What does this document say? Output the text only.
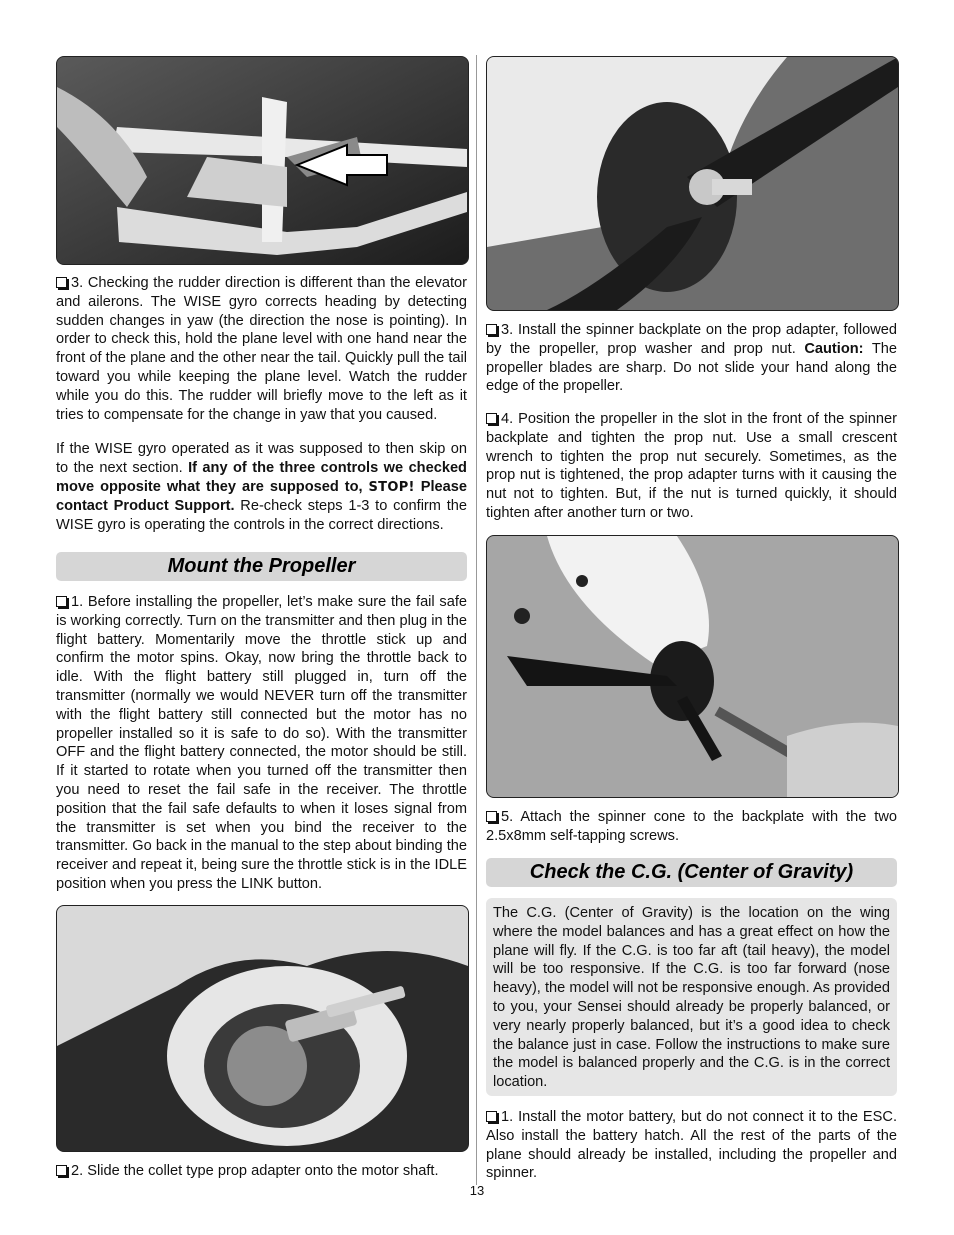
3. Checking the rudder direction is different than the elevator and ailerons. The WISE gyro corrects heading by detecting sudden changes in yaw (the direction the nose is pointing). In order to check this, hold the plane level with one hand near the front of the plane and the other near the tail. Quickly pull the tail toward you while keeping the plane level. Watch the rudder while you do this. The rudder will briefly move to the left as it tries to compensate for the change in yaw that you caused.

If the WISE gyro operated as it was supposed to then skip on to the next section. If any of the three controls we checked move opposite what they are supposed to, STOP! Please contact Product Support. Re-check steps 1-3 to confirm the WISE gyro is operating the controls in the correct directions.

Mount the Propeller

1. Before installing the propeller, let’s make sure the fail safe is working correctly. Turn on the transmitter and then plug in the flight battery. Momentarily move the throttle stick up and confirm the motor spins. Okay, now bring the throttle back to idle. With the flight battery still plugged in, turn off the transmitter (normally we would NEVER turn off the transmitter with the flight battery still connected but the motor has no propeller installed so it is safe to do so). With the transmitter OFF and the flight battery connected, the motor should be still. If it started to rotate when you turned off the transmitter then you need to reset the fail safe in the receiver. The throttle position that the fail safe defaults to when it loses signal from the transmitter is set when you bind the receiver to the transmitter. Go back in the manual to the step about binding the receiver and repeat it, being sure the throttle stick is in the IDLE position when you press the LINK button.

2. Slide the collet type prop adapter onto the motor shaft.

3. Install the spinner backplate on the prop adapter, followed by the propeller, prop washer and prop nut. Caution: The propeller blades are sharp. Do not slide your hand along the edge of the propeller.

4. Position the propeller in the slot in the front of the spinner backplate and tighten the prop nut. Use a small crescent wrench to tighten the prop nut securely. Sometimes, as the prop nut is tightened, the prop adapter turns with it causing the nut not to tighten. But, if the nut is turned quickly, it should tighten after another turn or two.

5. Attach the spinner cone to the backplate with the two 2.5x8mm self-tapping screws.

Check the C.G. (Center of Gravity)

The C.G. (Center of Gravity) is the location on the wing where the model balances and has a great effect on how the plane will fly. If the C.G. is too far aft (tail heavy), the model will be too responsive. If the C.G. is too far forward (nose heavy), the model will not be responsive enough. As provided to you, your Sensei should already be properly balanced, or very nearly properly balanced, but it’s a good idea to check the balance just in case. Follow the instructions to make sure the model is balanced properly and the C.G. is in the correct location.

1. Install the motor battery, but do not connect it to the ESC. Also install the battery hatch. All the rest of the parts of the plane should already be installed, including the propeller and spinner.

13
